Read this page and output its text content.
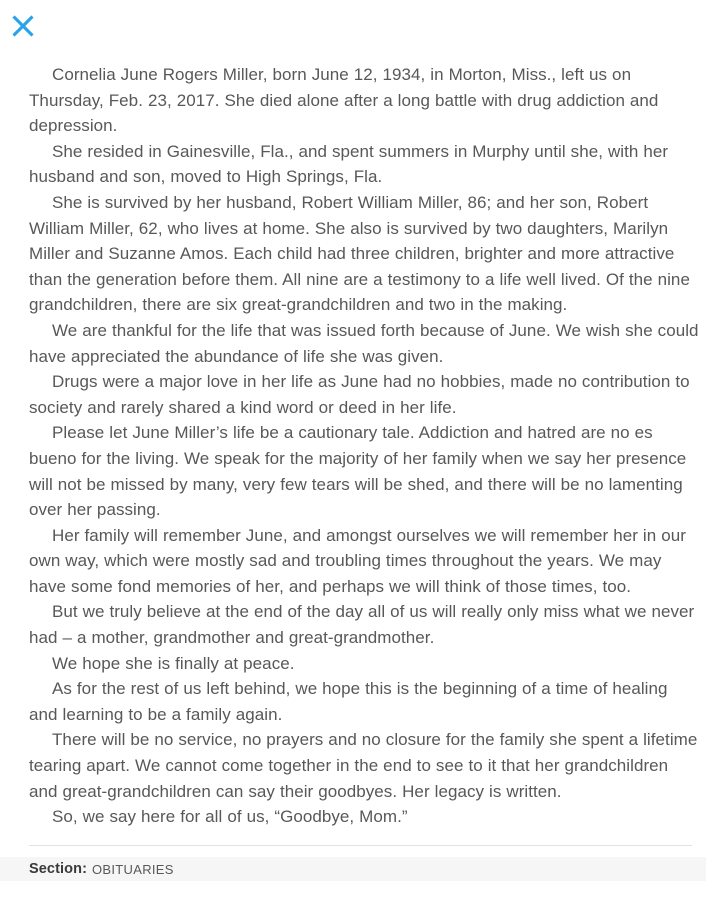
Cornelia June Rogers Miller, born June 12, 1934, in Morton, Miss., left us on Thursday, Feb. 23, 2017. She died alone after a long battle with drug addiction and depression.

She resided in Gainesville, Fla., and spent summers in Murphy until she, with her husband and son, moved to High Springs, Fla.

She is survived by her husband, Robert William Miller, 86; and her son, Robert William Miller, 62, who lives at home. She also is survived by two daughters, Marilyn Miller and Suzanne Amos. Each child had three children, brighter and more attractive than the generation before them. All nine are a testimony to a life well lived. Of the nine grandchildren, there are six great-grandchildren and two in the making.

We are thankful for the life that was issued forth because of June. We wish she could have appreciated the abundance of life she was given.

Drugs were a major love in her life as June had no hobbies, made no contribution to society and rarely shared a kind word or deed in her life.

Please let June Miller’s life be a cautionary tale. Addiction and hatred are no es bueno for the living. We speak for the majority of her family when we say her presence will not be missed by many, very few tears will be shed, and there will be no lamenting over her passing.

Her family will remember June, and amongst ourselves we will remember her in our own way, which were mostly sad and troubling times throughout the years. We may have some fond memories of her, and perhaps we will think of those times, too.

But we truly believe at the end of the day all of us will really only miss what we never had – a mother, grandmother and great-grandmother.

We hope she is finally at peace.

As for the rest of us left behind, we hope this is the beginning of a time of healing and learning to be a family again.

There will be no service, no prayers and no closure for the family she spent a lifetime tearing apart. We cannot come together in the end to see to it that her grandchildren and great-grandchildren can say their goodbyes. Her legacy is written.

So, we say here for all of us, “Goodbye, Mom.”

Section: OBITUARIES
